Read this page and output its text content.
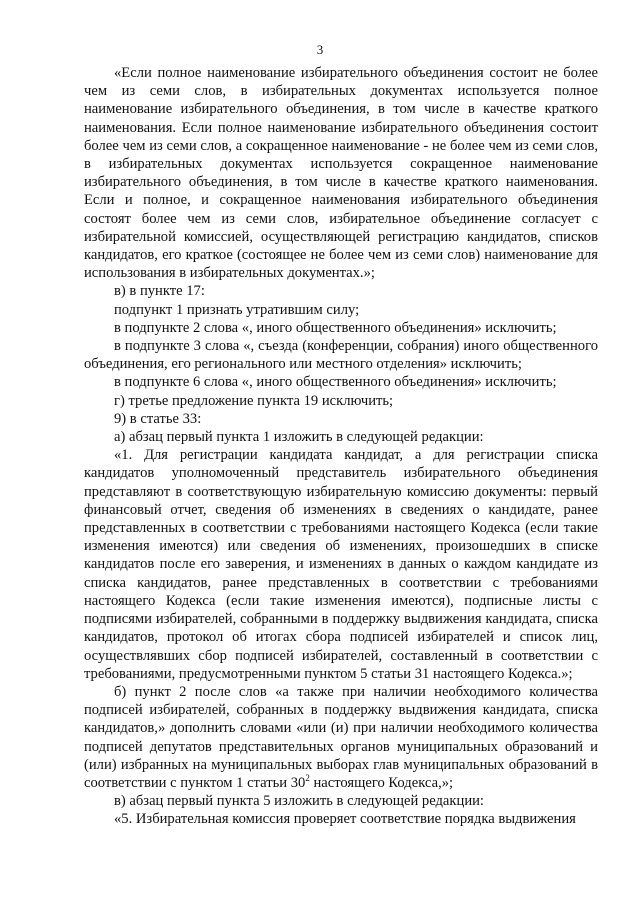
3

«Если полное наименование избирательного объединения состоит не более чем из семи слов, в избирательных документах используется полное наименование избирательного объединения, в том числе в качестве краткого наименования. Если полное наименование избирательного объединения состоит более чем из семи слов, а сокращенное наименование - не более чем из семи слов, в избирательных документах используется сокращенное наименование избирательного объединения, в том числе в качестве краткого наименования. Если и полное, и сокращенное наименования избирательного объединения состоят более чем из семи слов, избирательное объединение согласует с избирательной комиссией, осуществляющей регистрацию кандидатов, списков кандидатов, его краткое (состоящее не более чем из семи слов) наименование для использования в избирательных документах.»;

в) в пункте 17:

подпункт 1 признать утратившим силу;

в подпункте 2 слова «, иного общественного объединения» исключить;

в подпункте 3 слова «, съезда (конференции, собрания) иного общественного объединения, его регионального или местного отделения» исключить;

в подпункте 6 слова «, иного общественного объединения» исключить;

г) третье предложение пункта 19 исключить;

9) в статье 33:

а) абзац первый пункта 1 изложить в следующей редакции:

«1. Для регистрации кандидата кандидат, а для регистрации списка кандидатов уполномоченный представитель избирательного объединения представляют в соответствующую избирательную комиссию документы: первый финансовый отчет, сведения об изменениях в сведениях о кандидате, ранее представленных в соответствии с требованиями настоящего Кодекса (если такие изменения имеются) или сведения об изменениях, произошедших в списке кандидатов после его заверения, и изменениях в данных о каждом кандидате из списка кандидатов, ранее представленных в соответствии с требованиями настоящего Кодекса (если такие изменения имеются), подписные листы с подписями избирателей, собранными в поддержку выдвижения кандидата, списка кандидатов, протокол об итогах сбора подписей избирателей и список лиц, осуществлявших сбор подписей избирателей, составленный в соответствии с требованиями, предусмотренными пунктом 5 статьи 31 настоящего Кодекса.»;

б) пункт 2 после слов «а также при наличии необходимого количества подписей избирателей, собранных в поддержку выдвижения кандидата, списка кандидатов,» дополнить словами «или (и) при наличии необходимого количества подписей депутатов представительных органов муниципальных образований и (или) избранных на муниципальных выборах глав муниципальных образований в соответствии с пунктом 1 статьи $30^2$ настоящего Кодекса,»;

в) абзац первый пункта 5 изложить в следующей редакции:

«5. Избирательная комиссия проверяет соответствие порядка выдвижения
